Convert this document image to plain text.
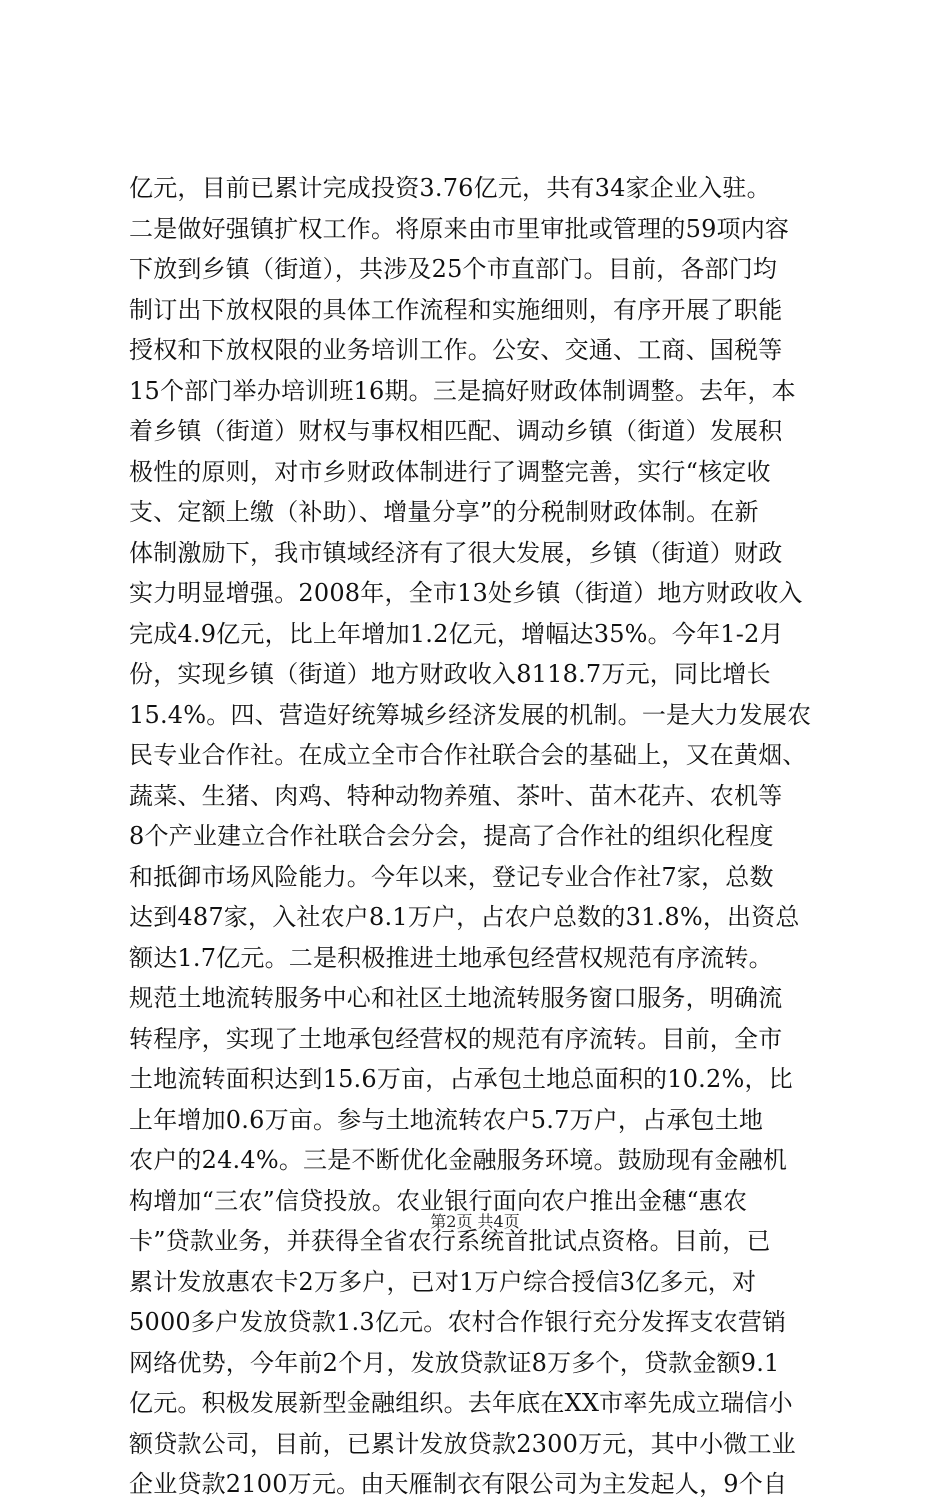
亿元，目前已累计完成投资3.76亿元，共有34家企业入驻。
二是做好强镇扩权工作。将原来由市里审批或管理的59项内容
下放到乡镇（街道），共涉及25个市直部门。目前，各部门均
制订出下放权限的具体工作流程和实施细则，有序开展了职能
授权和下放权限的业务培训工作。公安、交通、工商、国税等
15个部门举办培训班16期。三是搞好财政体制调整。去年，本
着乡镇（街道）财权与事权相匹配、调动乡镇（街道）发展积
极性的原则，对市乡财政体制进行了调整完善，实行“核定收
支、定额上缴（补助）、增量分享”的分税制财政体制。在新
体制激励下，我市镇域经济有了很大发展，乡镇（街道）财政
实力明显增强。2008年，全市13处乡镇（街道）地方财政收入
完成4.9亿元，比上年增加1.2亿元，增幅达35%。今年1-2月
份，实现乡镇（街道）地方财政收入8118.7万元，同比增长
15.4%。四、营造好统筹城乡经济发展的机制。一是大力发展农
民专业合作社。在成立全市合作社联合会的基础上，又在黄烟、
蔬菜、生猪、肉鸡、特种动物养殖、茶叶、苗木花卉、农机等
8个产业建立合作社联合会分会，提高了合作社的组织化程度
和抵御市场风险能力。今年以来，登记专业合作社7家，总数
达到487家，入社农户8.1万户，占农户总数的31.8%，出资总
额达1.7亿元。二是积极推进土地承包经营权规范有序流转。
规范土地流转服务中心和社区土地流转服务窗口服务，明确流
转程序，实现了土地承包经营权的规范有序流转。目前，全市
土地流转面积达到15.6万亩，占承包土地总面积的10.2%，比
上年增加0.6万亩。参与土地流转农户5.7万户，占承包土地
农户的24.4%。三是不断优化金融服务环境。鼓励现有金融机
构增加“三农”信贷投放。农业银行面向农户推出金穗“惠农
卡”贷款业务，并获得全省农行系统首批试点资格。目前，已
累计发放惠农卡2万多户，已对1万户综合授信3亿多元，对
5000多户发放贷款1.3亿元。农村合作银行充分发挥支农营销
网络优势，今年前2个月，发放贷款证8万多个，贷款金额9.1
亿元。积极发展新型金融组织。去年底在XX市率先成立瑞信小
额贷款公司，目前，已累计发放贷款2300万元，其中小微工业
企业贷款2100万元。由天雁制衣有限公司为主发起人，9个自
第2页 共4页
